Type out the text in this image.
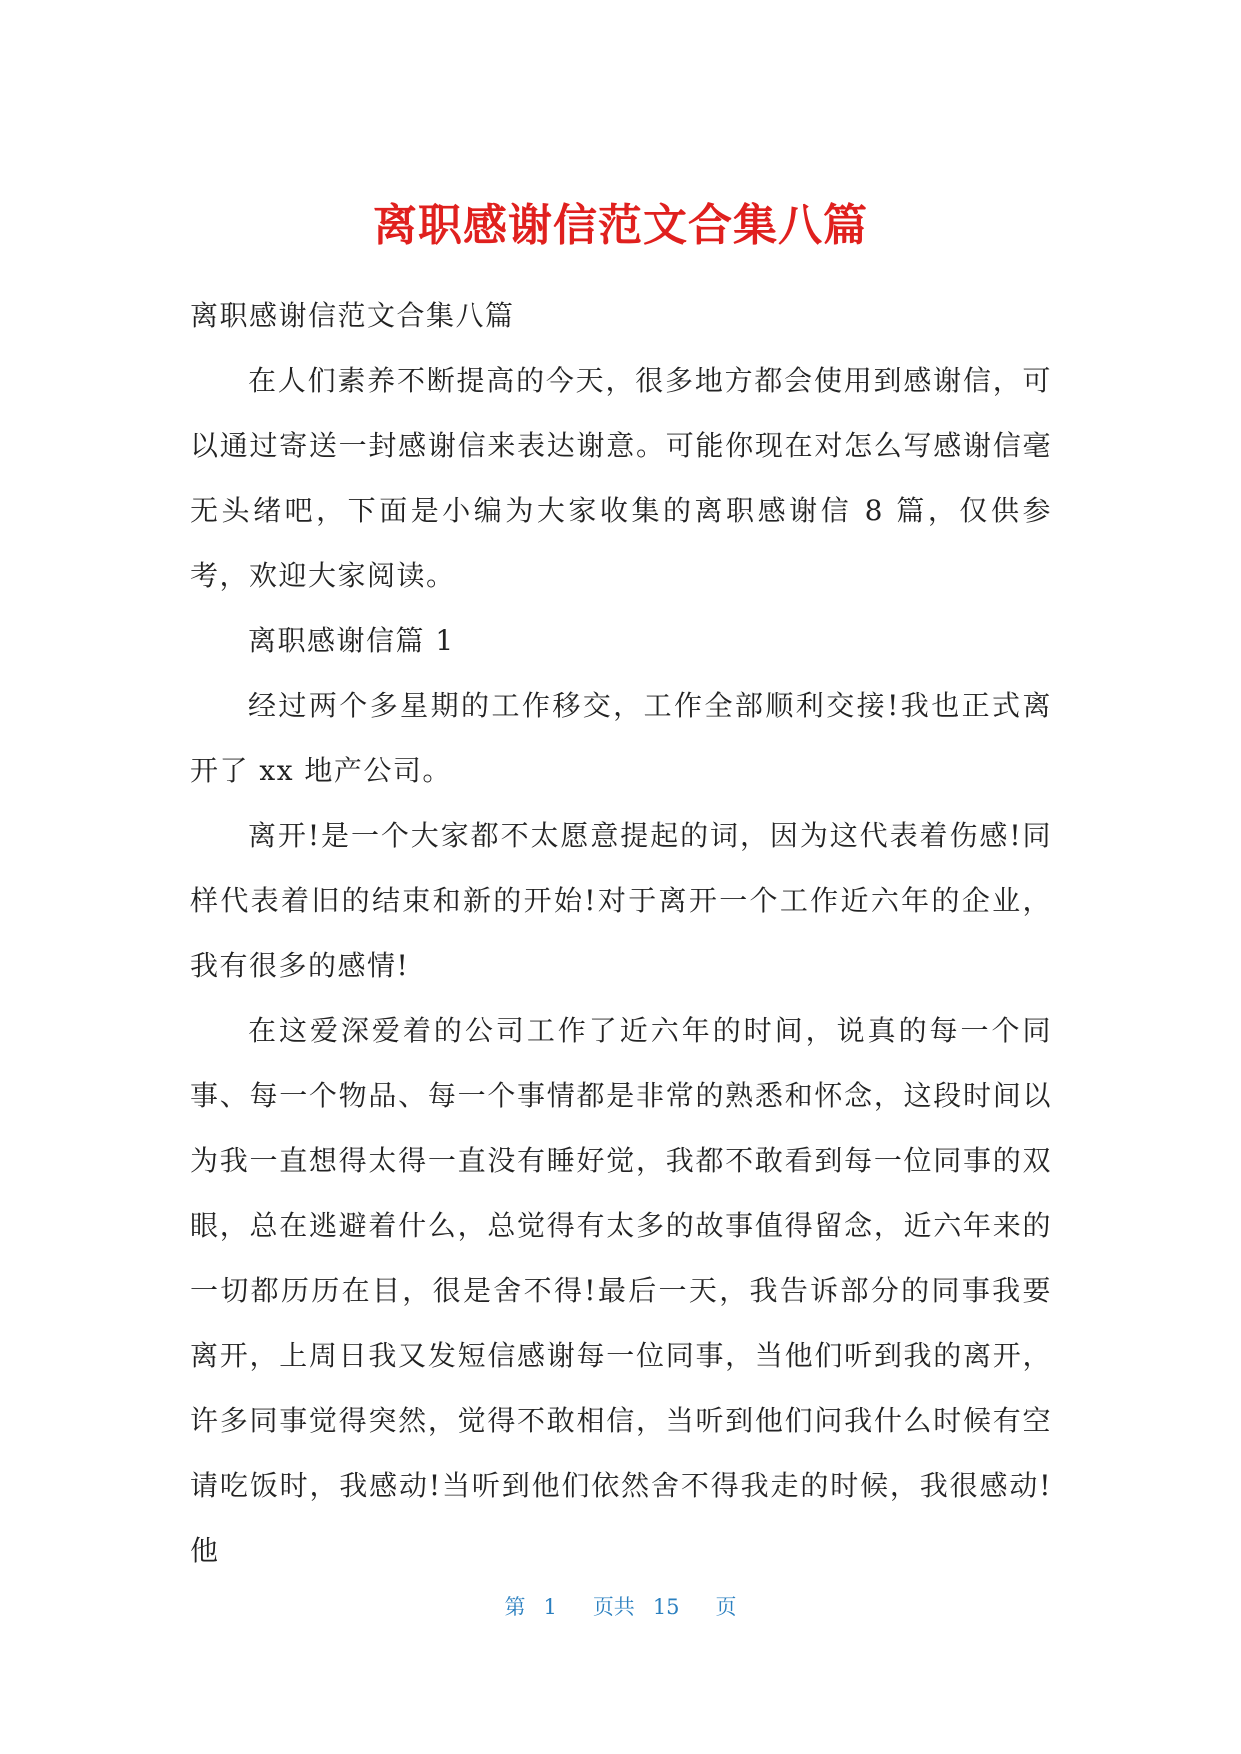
离职感谢信范文合集八篇

离职感谢信范文合集八篇

在人们素养不断提高的今天，很多地方都会使用到感谢信，可以通过寄送一封感谢信来表达谢意。可能你现在对怎么写感谢信毫无头绪吧，下面是小编为大家收集的离职感谢信 8 篇，仅供参考，欢迎大家阅读。

离职感谢信篇 1

经过两个多星期的工作移交，工作全部顺利交接!我也正式离开了 xx 地产公司。

离开!是一个大家都不太愿意提起的词，因为这代表着伤感!同样代表着旧的结束和新的开始!对于离开一个工作近六年的企业，我有很多的感情!

在这爱深爱着的公司工作了近六年的时间，说真的每一个同事、每一个物品、每一个事情都是非常的熟悉和怀念，这段时间以为我一直想得太得一直没有睡好觉，我都不敢看到每一位同事的双眼，总在逃避着什么，总觉得有太多的故事值得留念，近六年来的一切都历历在目，很是舍不得!最后一天，我告诉部分的同事我要离开，上周日我又发短信感谢每一位同事，当他们听到我的离开，许多同事觉得突然，觉得不敢相信，当听到他们问我什么时候有空请吃饭时，我感动!当听到他们依然舍不得我走的时候，我很感动!他

第 1 页共 15 页
